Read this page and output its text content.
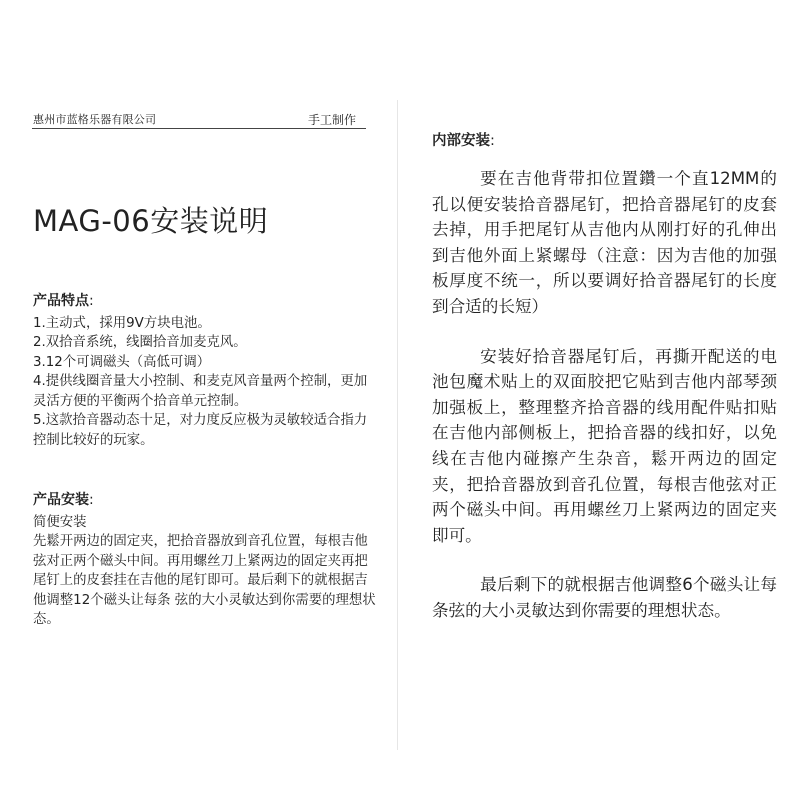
惠州市蓝格乐器有限公司	手工制作
MAG-06安装说明
产品特点:
1.主动式，採用9V方块电池。
2.双拾音系统，线圈拾音加麦克风。
3.12个可调磁头（高低可调）
4.提供线圈音量大小控制、和麦克风音量两个控制，更加灵活方便的平衡两个拾音单元控制。
5.这款拾音器动态十足，对力度反应极为灵敏较适合指力控制比较好的玩家。
产品安装:
简便安装
先鬆开两边的固定夹，把拾音器放到音孔位置，每根吉他弦对正两个磁头中间。再用螺丝刀上紧两边的固定夹再把尾钉上的皮套挂在吉他的尾钉即可。最后剩下的就根据吉他调整12个磁头让每条 弦的大小灵敏达到你需要的理想状态。
内部安装:

要在吉他背带扣位置鑽一个直12MM的孔以便安装拾音器尾钉，把拾音器尾钉的皮套去掉，用手把尾钉从吉他内从刚打好的孔伸出到吉他外面上紧螺母（注意：因为吉他的加强板厚度不统一，所以要调好拾音器尾钉的长度到合适的长短）

安装好拾音器尾钉后，再撕开配送的电池包魔术贴上的双面胶把它贴到吉他内部琴颈加强板上，整理整齐拾音器的线用配件贴扣贴在吉他内部侧板上，把拾音器的线扣好，以免线在吉他内碰擦产生杂音，鬆开两边的固定夹，把拾音器放到音孔位置，每根吉他弦对正两个磁头中间。再用螺丝刀上紧两边的固定夹即可。

最后剩下的就根据吉他调整6个磁头让每条弦的大小灵敏达到你需要的理想状态。
